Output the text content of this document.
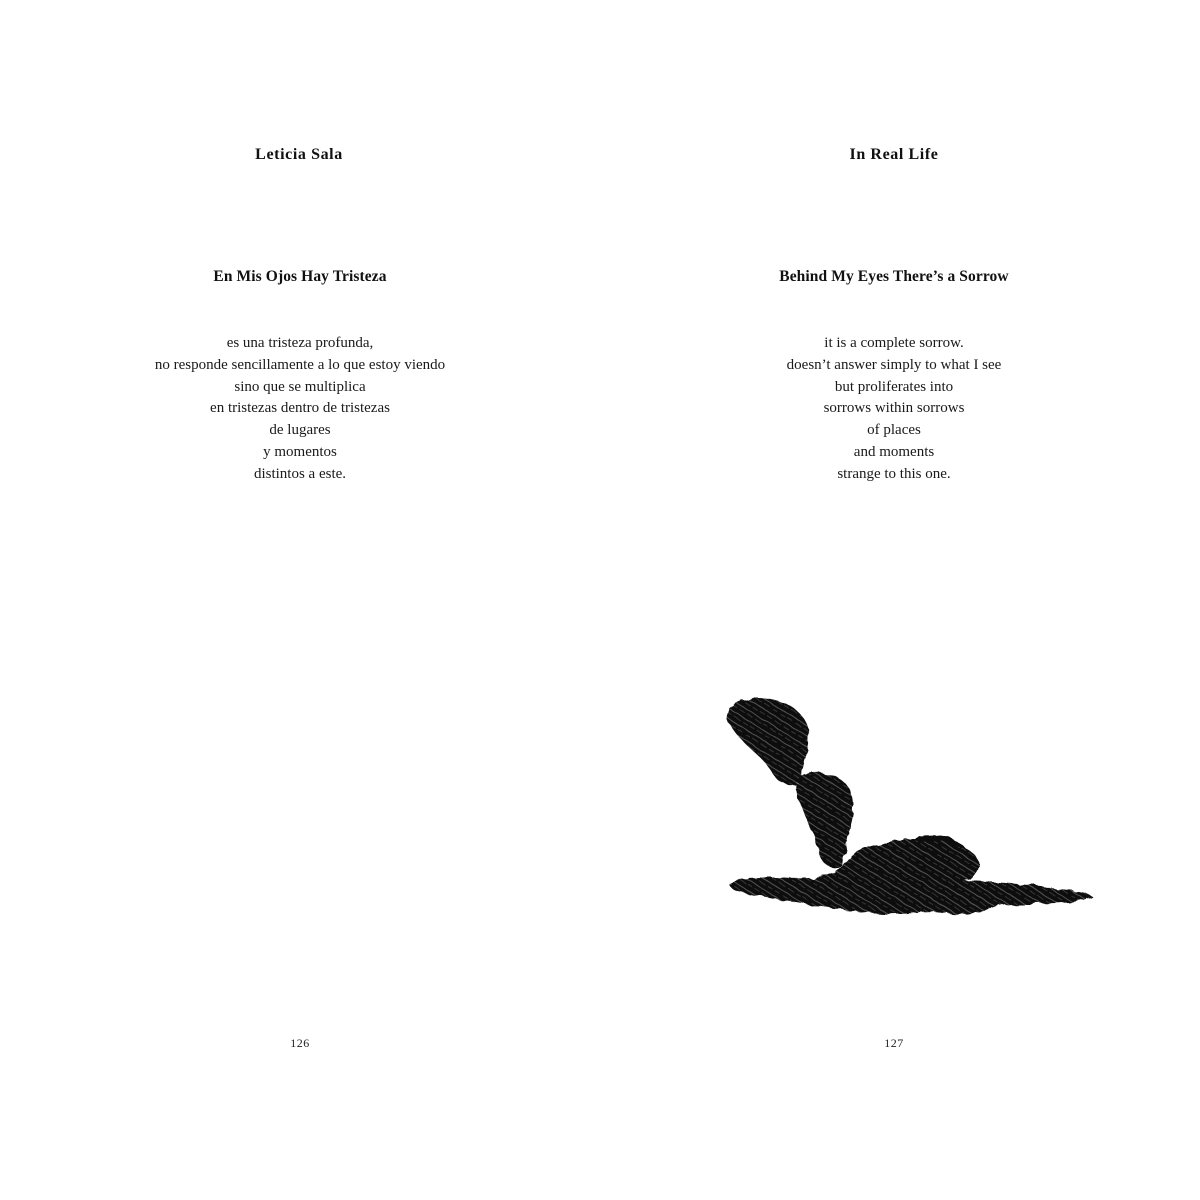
Leticia Sala
En Mis Ojos Hay Tristeza
es una tristeza profunda,
no responde sencillamente a lo que estoy viendo
sino que se multiplica
en tristezas dentro de tristezas
de lugares
y momentos
distintos a este.
126
In Real Life
Behind My Eyes There’s a Sorrow
it is a complete sorrow.
doesn’t answer simply to what I see
but proliferates into
sorrows within sorrows
of places
and moments
strange to this one.
127
